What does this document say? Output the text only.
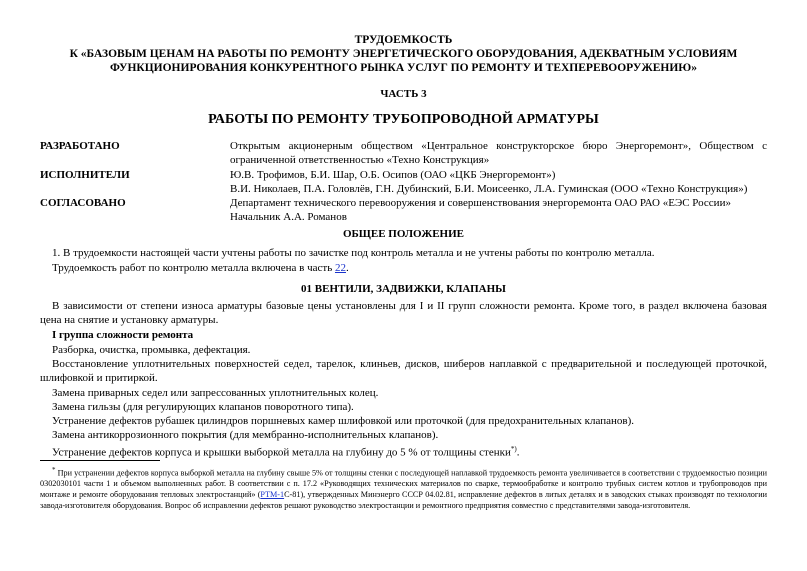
ТРУДОЕМКОСТЬ
К «БАЗОВЫМ ЦЕНАМ НА РАБОТЫ ПО РЕМОНТУ ЭНЕРГЕТИЧЕСКОГО ОБОРУДОВАНИЯ, АДЕКВАТНЫМ УСЛОВИЯМ
ФУНКЦИОНИРОВАНИЯ КОНКУРЕНТНОГО РЫНКА УСЛУГ ПО РЕМОНТУ И ТЕХПЕРЕВООРУЖЕНИЮ»
ЧАСТЬ 3
РАБОТЫ ПО РЕМОНТУ ТРУБОПРОВОДНОЙ АРМАТУРЫ
РАЗРАБОТАНО	Открытым акционерным обществом «Центральное конструкторское бюро Энергоремонт», Обществом с ограниченной ответственностью «Техно Конструкция»
ИСПОЛНИТЕЛИ	Ю.В. Трофимов, Б.И. Шар, О.Б. Осипов (ОАО «ЦКБ Энергоремонт»)
В.И. Николаев, П.А. Головлёв, Г.Н. Дубинский, Б.И. Моисеенко, Л.А. Гуминская (ООО «Техно Конструкция»)
СОГЛАСОВАНО	Департамент технического перевооружения и совершенствования энергоремонта ОАО РАО «ЕЭС России»
Начальник А.А. Романов
ОБЩЕЕ ПОЛОЖЕНИЕ
1. В трудоемкости настоящей части учтены работы по зачистке под контроль металла и не учтены работы по контролю металла.
Трудоемкость работ по контролю металла включена в часть 22.
01 ВЕНТИЛИ, ЗАДВИЖКИ, КЛАПАНЫ
В зависимости от степени износа арматуры базовые цены установлены для I и II групп сложности ремонта. Кроме того, в раздел включена базовая цена на снятие и установку арматуры.
I группа сложности ремонта
Разборка, очистка, промывка, дефектация.
Восстановление уплотнительных поверхностей седел, тарелок, клиньев, дисков, шиберов наплавкой с предварительной и последующей проточкой, шлифовкой и притиркой.
Замена приварных седел или запрессованных уплотнительных колец.
Замена гильзы (для регулирующих клапанов поворотного типа).
Устранение дефектов рубашек цилиндров поршневых камер шлифовкой или проточкой (для предохранительных клапанов).
Замена антикоррозионного покрытия (для мембранно-исполнительных клапанов).
Устранение дефектов корпуса и крышки выборкой металла на глубину до 5 % от толщины стенки*).
* При устранении дефектов корпуса выборкой металла на глубину свыше 5% от толщины стенки с последующей наплавкой трудоемкость ремонта увеличивается в соответствии с трудоемкостью позиции 0302030101 части 1 и объемом выполненных работ. В соответствии с п. 17.2 «Руководящих технических материалов по сварке, термообработке и контролю трубных систем котлов и трубопроводов при монтаже и ремонте оборудования тепловых электростанций» (РТМ-1С-81), утвержденных Минэнерго СССР 04.02.81, исправление дефектов в литых деталях и в заводских стыках производят по технологии завода-изготовителя оборудования. Вопрос об исправлении дефектов решают руководство электростанции и ремонтного предприятия совместно с представителями завода-изготовителя.
